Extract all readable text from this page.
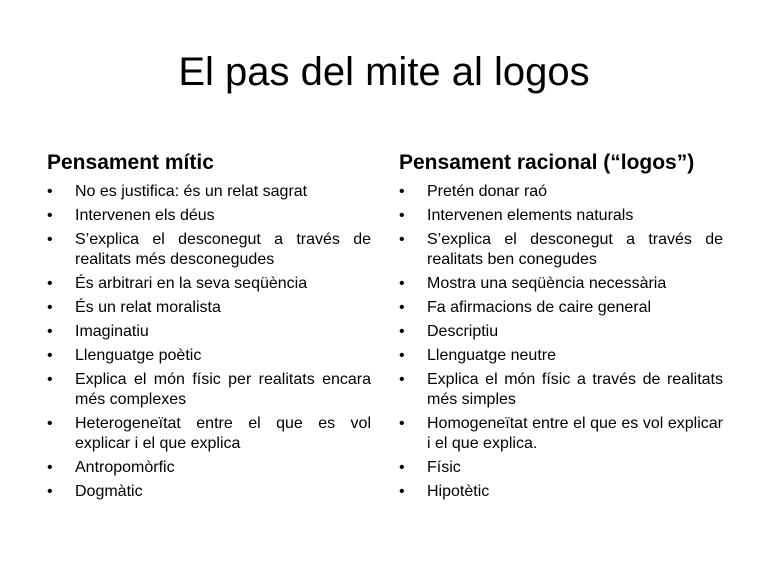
El pas del mite al logos
Pensament mític
•	No es justifica: és un relat sagrat
•	Intervenen els déus
•	S’explica el desconegut a través de realitats més desconegudes
•	És arbitrari en la seva seqüència
•	És un relat moralista
•	Imaginatiu
•	Llenguatge poètic
•	Explica el món físic per realitats encara més complexes
•	Heterogeneïtat entre el que es vol explicar i el que explica
•	Antropomòrfic
•	Dogmàtic
Pensament racional (“logos”)
•	Pretén donar raó
•	Intervenen elements naturals
•	S’explica el desconegut a través de realitats ben conegudes
•	Mostra una seqüència necessària
•	Fa afirmacions de caire general
•	Descriptiu
•	Llenguatge neutre
•	Explica el món físic a través de realitats més simples
•	Homogeneïtat entre el que es vol explicar i el que explica.
•	Físic
•	Hipotètic
